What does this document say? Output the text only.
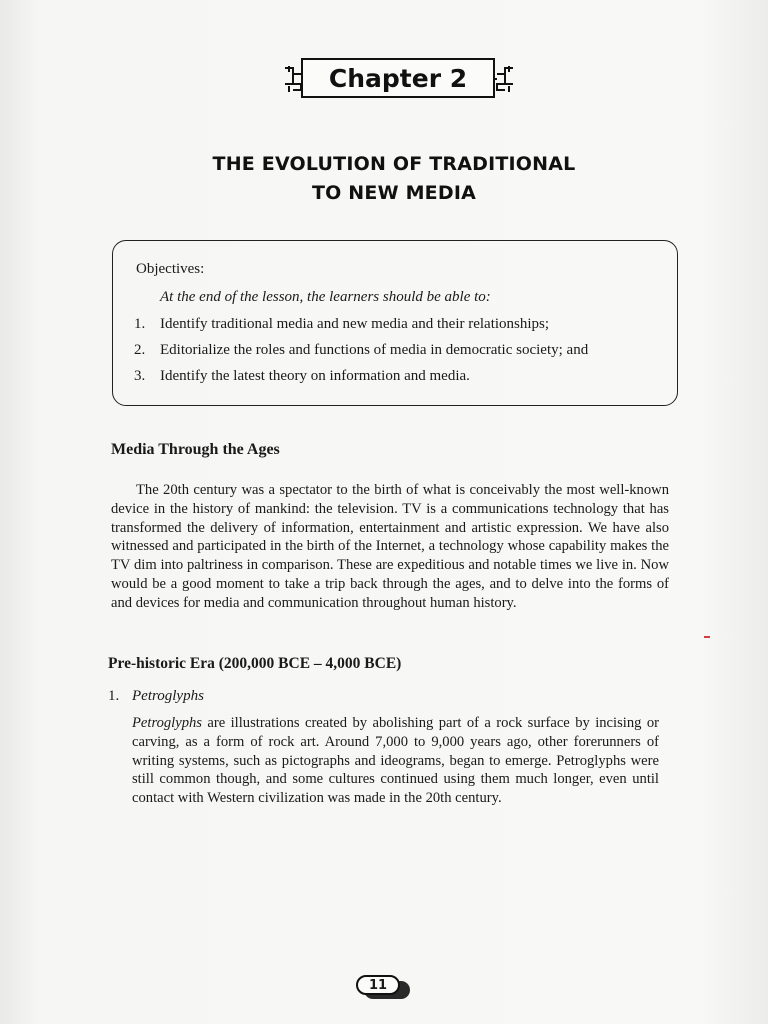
Chapter 2
THE EVOLUTION OF TRADITIONAL
TO NEW MEDIA
Objectives:
At the end of the lesson, the learners should be able to:
1. Identify traditional media and new media and their relationships;
2. Editorialize the roles and functions of media in democratic society; and
3. Identify the latest theory on information and media.
Media Through the Ages

The 20th century was a spectator to the birth of what is conceivably the most well-known device in the history of mankind: the television. TV is a communications technology that has transformed the delivery of information, entertainment and artistic expression. We have also witnessed and participated in the birth of the Internet, a technology whose capability makes the TV dim into paltriness in comparison. These are expeditious and notable times we live in. Now would be a good moment to take a trip back through the ages, and to delve into the forms of and devices for media and communication throughout human history.

Pre-historic Era (200,000 BCE – 4,000 BCE)
1. Petroglyphs

Petroglyphs are illustrations created by abolishing part of a rock surface by incising or carving, as a form of rock art. Around 7,000 to 9,000 years ago, other forerunners of writing systems, such as pictographs and ideograms, began to emerge. Petroglyphs were still common though, and some cultures continued using them much longer, even until contact with Western civilization was made in the 20th century.

11
